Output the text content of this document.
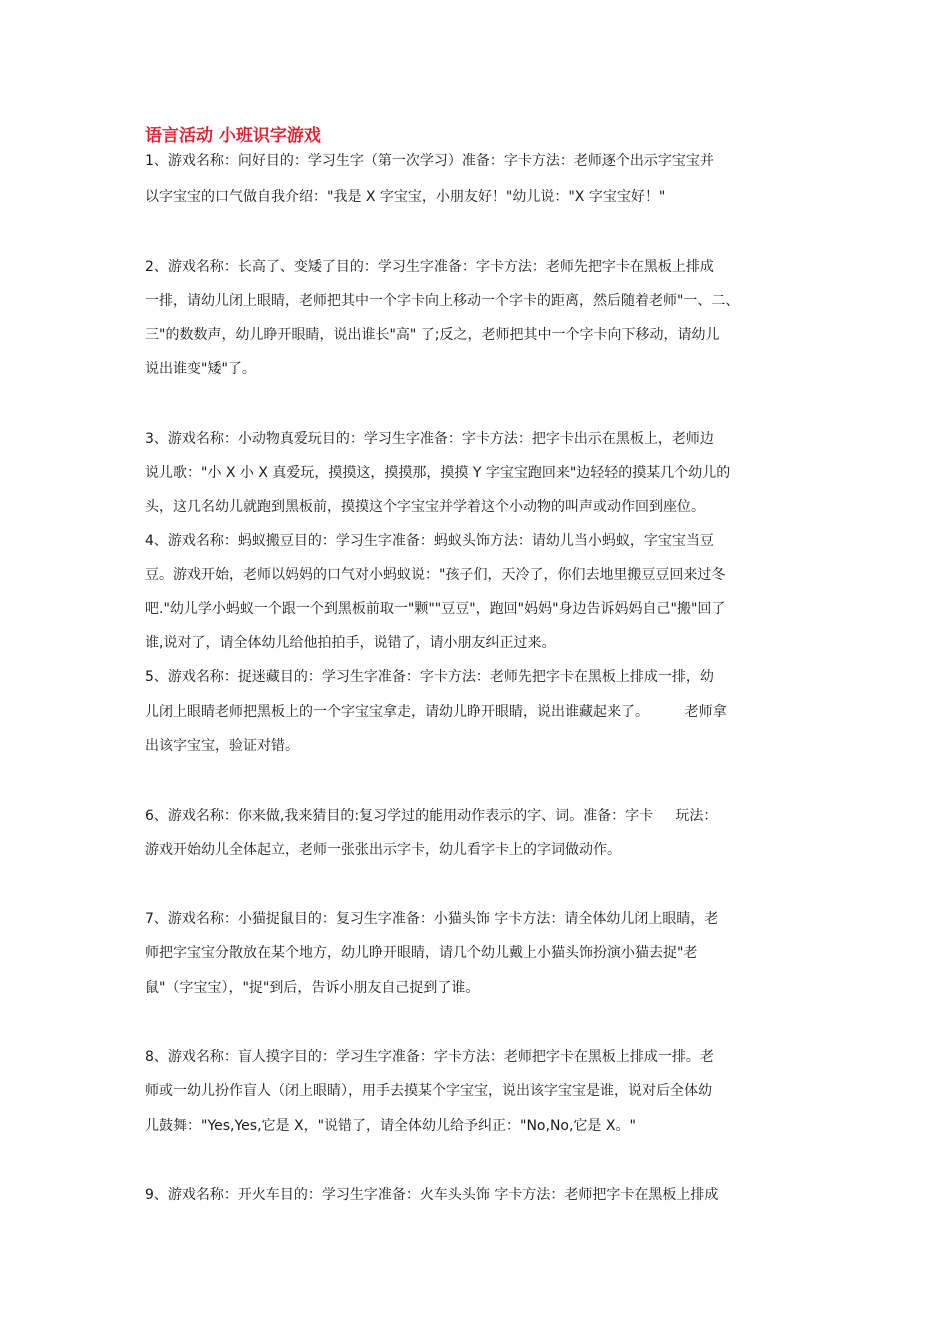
语言活动 小班识字游戏
1、游戏名称：问好目的：学习生字（第一次学习）准备：字卡方法：老师逐个出示字宝宝并
以字宝宝的口气做自我介绍："我是 X 字宝宝，小朋友好！"幼儿说："X 字宝宝好！"
2、游戏名称：长高了、变矮了目的：学习生字准备：字卡方法：老师先把字卡在黑板上排成
一排，请幼儿闭上眼睛，老师把其中一个字卡向上移动一个字卡的距离，然后随着老师"一、二、
三"的数数声，幼儿睁开眼睛，说出谁长"高" 了;反之，老师把其中一个字卡向下移动，请幼儿
说出谁变"矮"了。
3、游戏名称：小动物真爱玩目的：学习生字准备：字卡方法：把字卡出示在黑板上，老师边
说儿歌："小 X 小 X 真爱玩，摸摸这，摸摸那，摸摸 Y 字宝宝跑回来"边轻轻的摸某几个幼儿的
头，这几名幼儿就跑到黑板前，摸摸这个字宝宝并学着这个小动物的叫声或动作回到座位。
4、游戏名称：蚂蚁搬豆目的：学习生字准备：蚂蚁头饰方法：请幼儿当小蚂蚁，字宝宝当豆
豆。游戏开始，老师以妈妈的口气对小蚂蚁说："孩子们，天冷了，你们去地里搬豆豆回来过冬
吧."幼儿学小蚂蚁一个跟一个到黑板前取一"颗""豆豆"，跑回"妈妈"身边告诉妈妈自己"搬"回了
谁,说对了，请全体幼儿给他拍拍手，说错了，请小朋友纠正过来。
5、游戏名称：捉迷藏目的：学习生字准备：字卡方法：老师先把字卡在黑板上排成一排，幼
儿闭上眼睛老师把黑板上的一个字宝宝拿走，请幼儿睁开眼睛，说出谁藏起来了。        老师拿
出该字宝宝，验证对错。
6、游戏名称：你来做,我来猜目的:复习学过的能用动作表示的字、词。准备：字卡     玩法：
游戏开始幼儿全体起立，老师一张张出示字卡，幼儿看字卡上的字词做动作。
7、游戏名称：小猫捉鼠目的：复习生字准备：小猫头饰 字卡方法：请全体幼儿闭上眼睛，老
师把字宝宝分散放在某个地方，幼儿睁开眼睛，请几个幼儿戴上小猫头饰扮演小猫去捉"老
鼠"（字宝宝），"捉"到后，告诉小朋友自己捉到了谁。
8、游戏名称：盲人摸字目的：学习生字准备：字卡方法：老师把字卡在黑板上排成一排。老
师或一幼儿扮作盲人（闭上眼睛），用手去摸某个字宝宝，说出该字宝宝是谁，说对后全体幼
儿鼓舞："Yes,Yes,它是 X，"说错了，请全体幼儿给予纠正："No,No,它是 X。"
9、游戏名称：开火车目的：学习生字准备：火车头头饰 字卡方法：老师把字卡在黑板上排成
